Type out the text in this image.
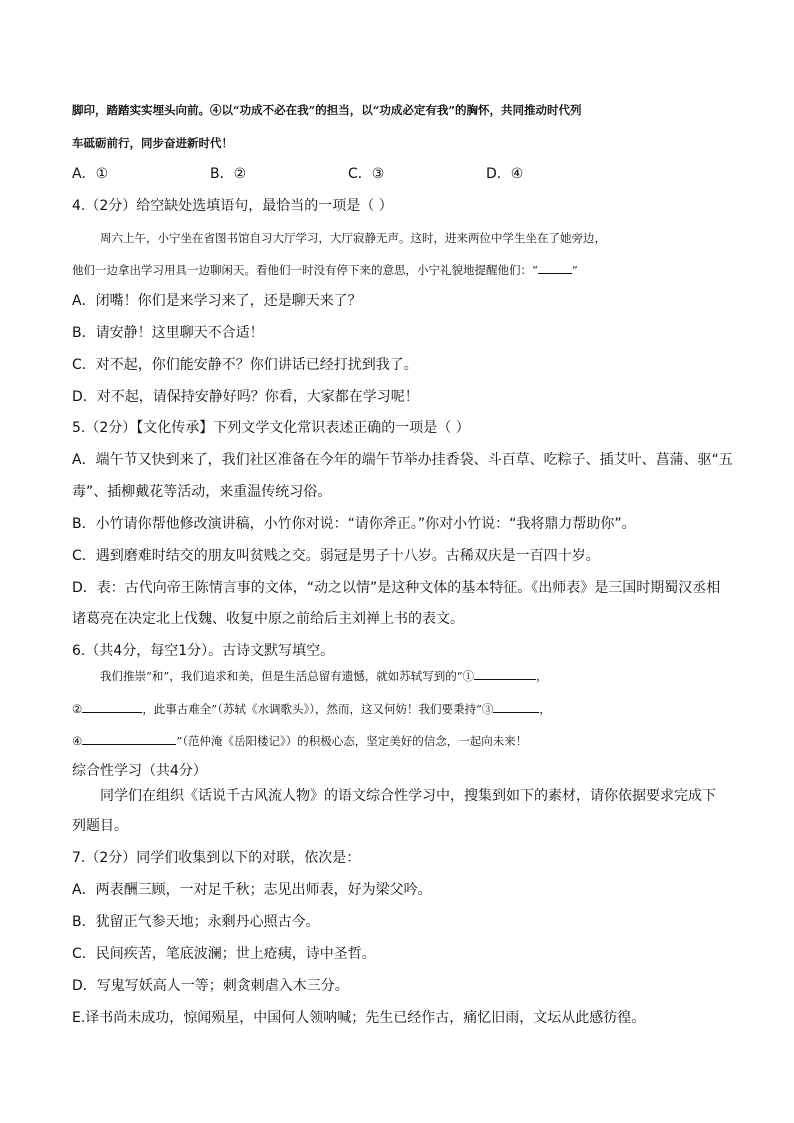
脚印，踏踏实实埋头向前。④以“功成不必在我”的担当，以“功成必定有我”的胸怀，共同推动时代列
车砥砺前行，同步奋进新时代！
A．①	B．②	C．③	D．④
4.（2分）给空缺处选填语句，最恰当的一项是（ ）
周六上午，小宁坐在省图书馆自习大厅学习，大厅寂静无声。这时，进来两位中学生坐在了她旁边，
他们一边拿出学习用具一边聊闲天。看他们一时没有停下来的意思，小宁礼貌地提醒他们：“	”
A．闭嘴！你们是来学习来了，还是聊天来了？
B．请安静！这里聊天不合适！
C．对不起，你们能安静不？你们讲话已经打扰到我了。
D．对不起，请保持安静好吗？你看，大家都在学习呢！
5.（2分）【文化传承】下列文学文化常识表述正确的一项是（ ）
A．端午节又快到来了，我们社区准备在今年的端午节举办挂香袋、斗百草、吃粽子、插艾叶、菖蒲、驱“五
毒”、插柳戴花等活动，来重温传统习俗。
B．小竹请你帮他修改演讲稿，小竹你对说：“请你斧正。”你对小竹说：“我将鼎力帮助你”。
C．遇到磨难时结交的朋友叫贫贱之交。弱冠是男子十八岁。古稀双庆是一百四十岁。
D．表：古代向帝王陈情言事的文体，“动之以情”是这种文体的基本特征。《出师表》是三国时期蜀汉丞相
诸葛亮在决定北上伐魏、收复中原之前给后主刘禅上书的表文。
6.（共4分，每空1分）。古诗文默写填空。
我们推崇“和”，我们追求和美，但是生活总留有遗憾，就如苏轼写到的“①	，
②	，此事古难全”（苏轼《水调歌头》），然而，这又何妨！我们要秉持“③	，
④	”（范仲淹《岳阳楼记》）的积极心态，坚定美好的信念，一起向未来！
综合性学习（共4分）
同学们在组织《话说千古风流人物》的语文综合性学习中，搜集到如下的素材，请你依据要求完成下
列题目。
7.（2分）同学们收集到以下的对联，依次是：
A．两表酬三顾，一对足千秋；志见出师表，好为梁父吟。
B．犹留正气参天地；永剩丹心照古今。
C．民间疾苦，笔底波澜；世上疮痍，诗中圣哲。
D．写鬼写妖高人一等；刺贪刺虐入木三分。
E.译书尚未成功，惊闻殒星，中国何人领呐喊；先生已经作古，痛忆旧雨，文坛从此感彷徨。
